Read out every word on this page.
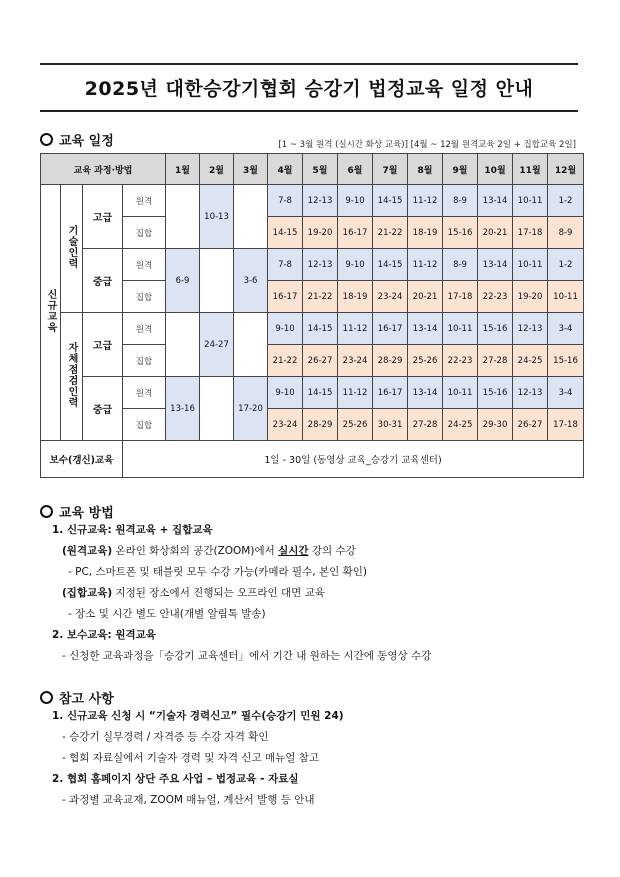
2025년 대한승강기협회 승강기 법정교육 일정 안내
교육 일정	[1 ~ 3월 원격 (실시간 화상 교육)] [4월 ~ 12월 원격교육 2일 + 집합교육 2일]
교육 과정·방법				1월	2월	3월	4월	5월	6월	7월	8월	9월	10월	11월	12월
신규교육	기술인력	고급	원격		10-13		7-8	12-13	9-10	14-15	11-12	8-9	13-14	10-11	1-2
			집합				14-15	19-20	16-17	21-22	18-19	15-16	20-21	17-18	8-9
		중급	원격	6-9		3-6	7-8	12-13	9-10	14-15	11-12	8-9	13-14	10-11	1-2
			집합				16-17	21-22	18-19	23-24	20-21	17-18	22-23	19-20	10-11
	자체점검인력	고급	원격		24-27		9-10	14-15	11-12	16-17	13-14	10-11	15-16	12-13	3-4
			집합				21-22	26-27	23-24	28-29	25-26	22-23	27-28	24-25	15-16
		중급	원격	13-16		17-20	9-10	14-15	11-12	16-17	13-14	10-11	15-16	12-13	3-4
			집합				23-24	28-29	25-26	30-31	27-28	24-25	29-30	26-27	17-18
보수(갱신)교육			1일 - 30일 (동영상 교육_승강기 교육센터)												
교육 방법
1. 신규교육: 원격교육 + 집합교육
(원격교육) 온라인 화상회의 공간(ZOOM)에서 실시간 강의 수강
- PC, 스마트폰 및 태블릿 모두 수강 가능(카메라 필수, 본인 확인)
(집합교육) 지정된 장소에서 진행되는 오프라인 대면 교육
- 장소 및 시간 별도 안내(개별 알림톡 발송)
2. 보수교육: 원격교육
- 신청한 교육과정을「승강기 교육센터」에서 기간 내 원하는 시간에 동영상 수강
참고 사항
1. 신규교육 신청 시 “기술자 경력신고” 필수(승강기 민원 24)
- 승강기 실무경력 / 자격증 등 수강 자격 확인
- 협회 자료실에서 기술자 경력 및 자격 신고 매뉴얼 참고
2. 협회 홈페이지 상단 주요 사업 – 법정교육 - 자료실
- 과정별 교육교재, ZOOM 매뉴얼, 계산서 발행 등 안내
